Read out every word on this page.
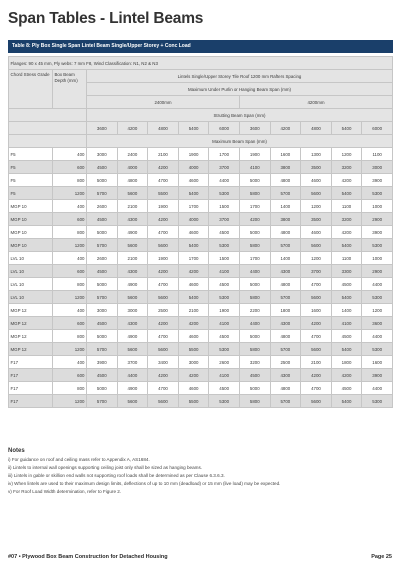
Span Tables - Lintel Beams
Table 8: Ply Box Single Span Lintel Beam Single/Upper Storey + Conc Load
Flanges: 90 x 45 mm, Ply webs: 7 mm F8, Wind Classification: N1, N2 & N3											
Chord Stress Grade	Box Beam Depth (mm)	Lintels Single/Upper Storey Tile Roof 1200 mm Rafters Spacing									
		Maximum Under Purlin or Hanging Beam Span (mm)									
		2400mm					4200mm				
		Strutting Beam Span (mm)									
		3600	4200	4800	5400	6000	3600	4200	4800	5400	6000
		Maximum Beam Span (mm)									
F5	400	3000	2400	2100	1900	1700	1900	1600	1300	1200	1100
F5	600	4500	4000	4200	4000	3700	4100	3800	3500	3200	3000
F5	800	5000	4800	4700	4600	4400	5000	4800	4600	4200	3900
F5	1200	5700	5600	5500	5400	5300	5800	5700	5600	5400	5300
MGP 10	400	2600	2100	1900	1700	1500	1700	1400	1200	1100	1000
MGP 10	600	4500	4300	4200	4000	3700	4200	3800	3500	3200	2900
MGP 10	800	5000	4900	4700	4600	4500	5000	4800	4600	4200	3900
MGP 10	1200	5700	5600	5600	5400	5300	5800	5700	5600	5400	5300
LVL 10	400	2600	2100	1900	1700	1500	1700	1400	1200	1100	1000
LVL 10	600	4500	4300	4200	4200	4100	4400	4300	3700	3300	2900
LVL 10	800	5000	4900	4700	4600	4500	5000	4800	4700	4500	4400
LVL 10	1200	5700	5600	5600	5400	5300	5800	5700	5600	5400	5300
MGP 12	400	3000	3000	2500	2100	1900	2200	1800	1600	1400	1200
MGP 12	600	4500	4300	4200	4200	4100	4400	4300	4200	4100	3600
MGP 12	800	5000	4900	4700	4600	4500	5000	4800	4700	4500	4400
MGP 12	1200	5700	5600	5600	5500	5300	5800	5700	5600	5400	5300
F17	400	3900	3700	3400	3000	2600	3200	2500	2100	1800	1600
F17	600	4500	4400	4200	4200	4100	4500	4300	4200	4200	3900
F17	800	5000	4900	4700	4600	4500	5000	4800	4700	4500	4400
F17	1200	5700	5600	5600	5500	5300	5800	5700	5600	5400	5300
Notes
i) For guidance on roof and ceiling mass refer to Appendix A, AS1684.
ii) Lintels to internal wall openings supporting ceiling joist only shall be sized as hanging beams.
iii) Lintels in gable or skillion end walls not supporting roof loads shall be determined as per Clause 6.3.6.3.
iv) When lintels are used to their maximum design limits, deflections of up to 10 mm (deadload) or 15 mm (live load) may be expected.
v) For Roof Load Width determination, refer to Figure 2.
#07 • Plywood Box Beam Construction for Detached Housing	Page 25
